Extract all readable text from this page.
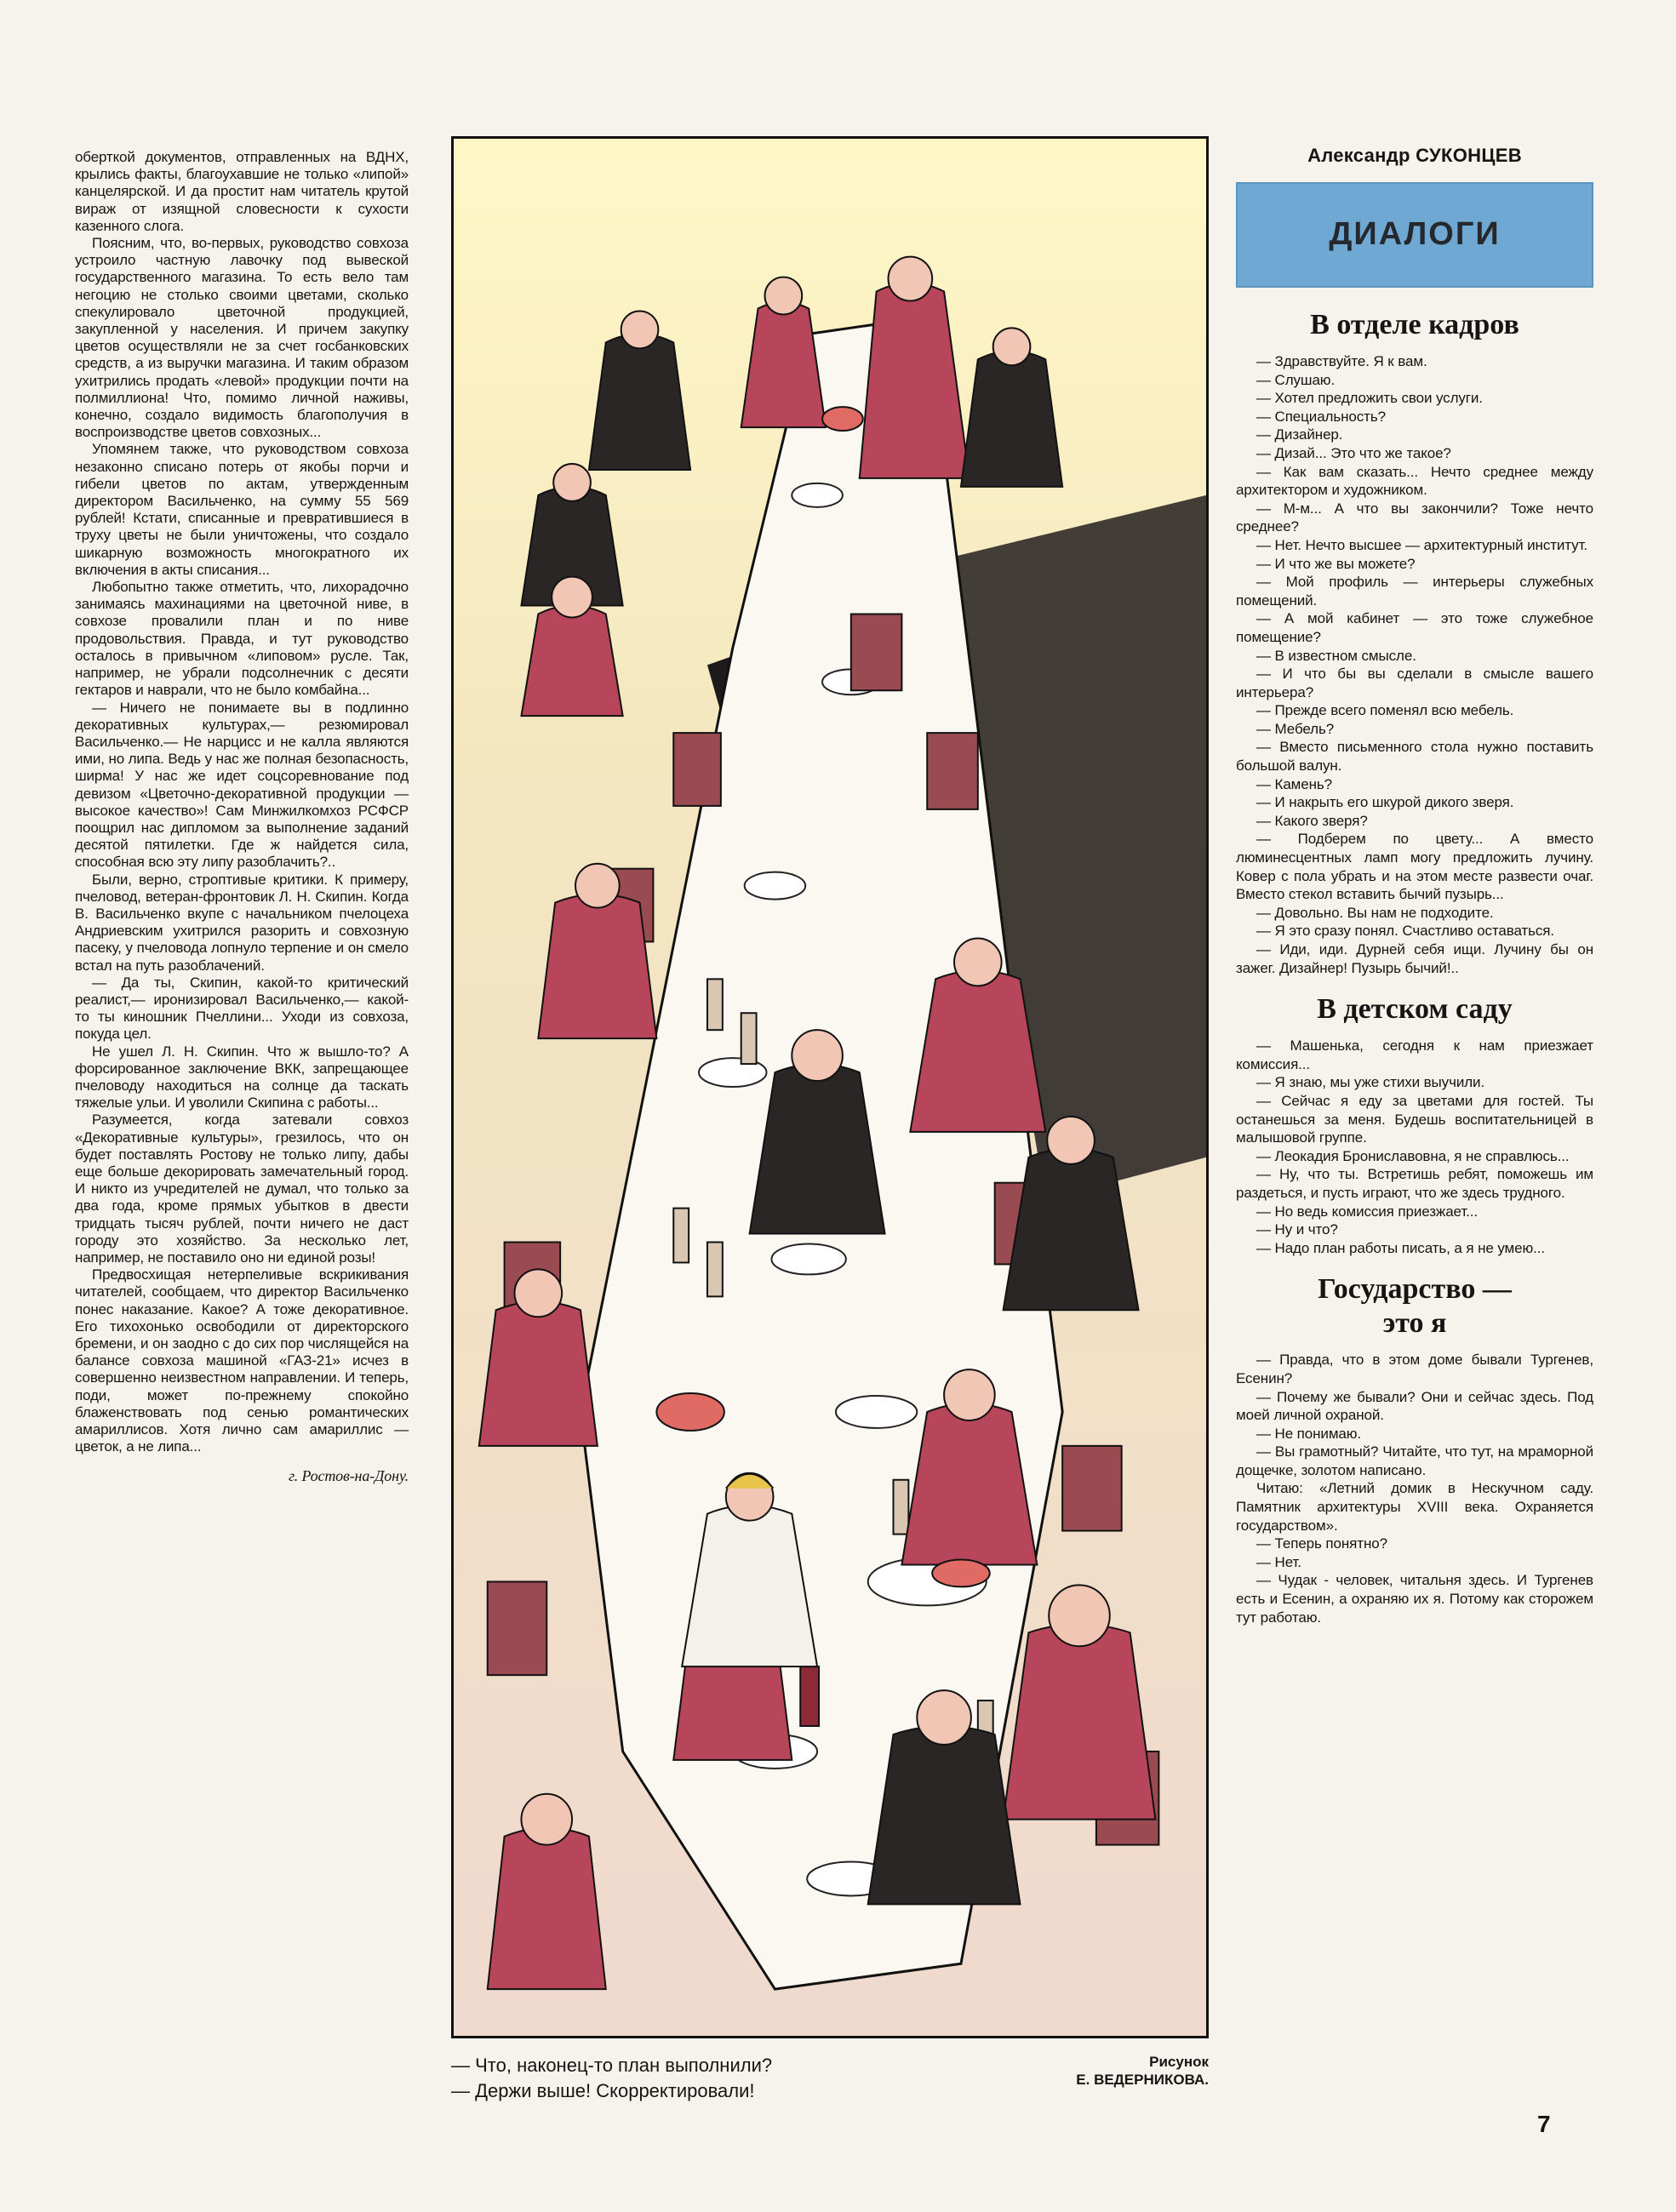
оберткой документов, отправленных на ВДНХ, крылись факты, благоухавшие не только «липой» канцелярской. И да простит нам читатель крутой вираж от изящной словесности к сухости казенного слога.

Поясним, что, во-первых, руководство совхоза устроило частную лавочку под вывеской государственного магазина. То есть вело там негоцию не столько своими цветами, сколько спекулировало цветочной продукцией, закупленной у населения. И причем закупку цветов осуществляли не за счет госбанковских средств, а из выручки магазина. И таким образом ухитрились продать «левой» продукции почти на полмиллиона! Что, помимо личной наживы, конечно, создало видимость благополучия в воспроизводстве цветов совхозных...

Упомянем также, что руководством совхоза незаконно списано потерь от якобы порчи и гибели цветов по актам, утвержденным директором Васильченко, на сумму 55 569 рублей! Кстати, списанные и превратившиеся в труху цветы не были уничтожены, что создало шикарную возможность многократного их включения в акты списания...

Любопытно также отметить, что, лихорадочно занимаясь махинациями на цветочной ниве, в совхозе провалили план и по ниве продовольствия. Правда, и тут руководство осталось в привычном «липовом» русле. Так, например, не убрали подсолнечник с десяти гектаров и наврали, что не было комбайна...

— Ничего не понимаете вы в подлинно декоративных культурах,— резюмировал Васильченко.— Не нарцисс и не калла являются ими, но липа. Ведь у нас же полная безопасность, ширма! У нас же идет соцсоревнование под девизом «Цветочно-декоративной продукции — высокое качество»! Сам Минжилкомхоз РСФСР поощрил нас дипломом за выполнение заданий десятой пятилетки. Где ж найдется сила, способная всю эту липу разоблачить?..

Были, верно, строптивые критики. К примеру, пчеловод, ветеран-фронтовик Л. Н. Скипин. Когда В. Васильченко вкупе с начальником пчелоцеха Андриевским ухитрился разорить и совхозную пасеку, у пчеловода лопнуло терпение и он смело встал на путь разоблачений.

— Да ты, Скипин, какой-то критический реалист,— иронизировал Васильченко,— какой-то ты киношник Пчеллини... Уходи из совхоза, покуда цел.

Не ушел Л. Н. Скипин. Что ж вышло-то? А форсированное заключение ВКК, запрещающее пчеловоду находиться на солнце да таскать тяжелые ульи. И уволили Скипина с работы...

Разумеется, когда затевали совхоз «Декоративные культуры», грезилось, что он будет поставлять Ростову не только липу, дабы еще больше декорировать замечательный город. И никто из учредителей не думал, что только за два года, кроме прямых убытков в двести тридцать тысяч рублей, почти ничего не даст городу это хозяйство. За несколько лет, например, не поставило оно ни единой розы!

Предвосхищая нетерпеливые вскрикивания читателей, сообщаем, что директор Васильченко понес наказание. Какое? А тоже декоративное. Его тихохонько освободили от директорского бремени, и он заодно с до сих пор числящейся на балансе совхоза машиной «ГАЗ-21» исчез в совершенно неизвестном направлении. И теперь, поди, может по-прежнему спокойно блаженствовать под сенью романтических амариллисов. Хотя лично сам амариллис — цветок, а не липа...

г. Ростов-на-Дону.

— Что, наконец-то план выполнили?
— Держи выше! Скорректировали!
Рисунок
Е. ВЕДЕРНИКОВА.
Александр СУКОНЦЕВ
ДИАЛОГИ
В отделе кадров

— Здравствуйте. Я к вам.

— Слушаю.

— Хотел предложить свои услуги.

— Специальность?

— Дизайнер.

— Дизай... Это что же такое?

— Как вам сказать... Нечто среднее между архитектором и художником.

— М-м... А что вы закончили? Тоже нечто среднее?

— Нет. Нечто высшее — архитектурный институт.

— И что же вы можете?

— Мой профиль — интерьеры служебных помещений.

— А мой кабинет — это тоже служебное помещение?

— В известном смысле.

— И что бы вы сделали в смысле вашего интерьера?

— Прежде всего поменял всю мебель.

— Мебель?

— Вместо письменного стола нужно поставить большой валун.

— Камень?

— И накрыть его шкурой дикого зверя.

— Какого зверя?

— Подберем по цвету... А вместо люминесцентных ламп могу предложить лучину. Ковер с пола убрать и на этом месте развести очаг. Вместо стекол вставить бычий пузырь...

— Довольно. Вы нам не подходите.

— Я это сразу понял. Счастливо оставаться.

— Иди, иди. Дурней себя ищи. Лучину бы он зажег. Дизайнер! Пузырь бычий!..

В детском саду

— Машенька, сегодня к нам приезжает комиссия...

— Я знаю, мы уже стихи выучили.

— Сейчас я еду за цветами для гостей. Ты останешься за меня. Будешь воспитательницей в малышовой группе.

— Леокадия Брониславовна, я не справлюсь...

— Ну, что ты. Встретишь ребят, поможешь им раздеться, и пусть играют, что же здесь трудного.

— Но ведь комиссия приезжает...

— Ну и что?

— Надо план работы писать, а я не умею...

Государство —
это я

— Правда, что в этом доме бывали Тургенев, Есенин?

— Почему же бывали? Они и сейчас здесь. Под моей личной охраной.

— Не понимаю.

— Вы грамотный? Читайте, что тут, на мраморной дощечке, золотом написано.

Читаю: «Летний домик в Нескучном саду. Памятник архитектуры XVIII века. Охраняется государством».

— Теперь понятно?

— Нет.

— Чудак - человек, читальня здесь. И Тургенев есть и Есенин, а охраняю их я. Потому как сторожем тут работаю.

7
